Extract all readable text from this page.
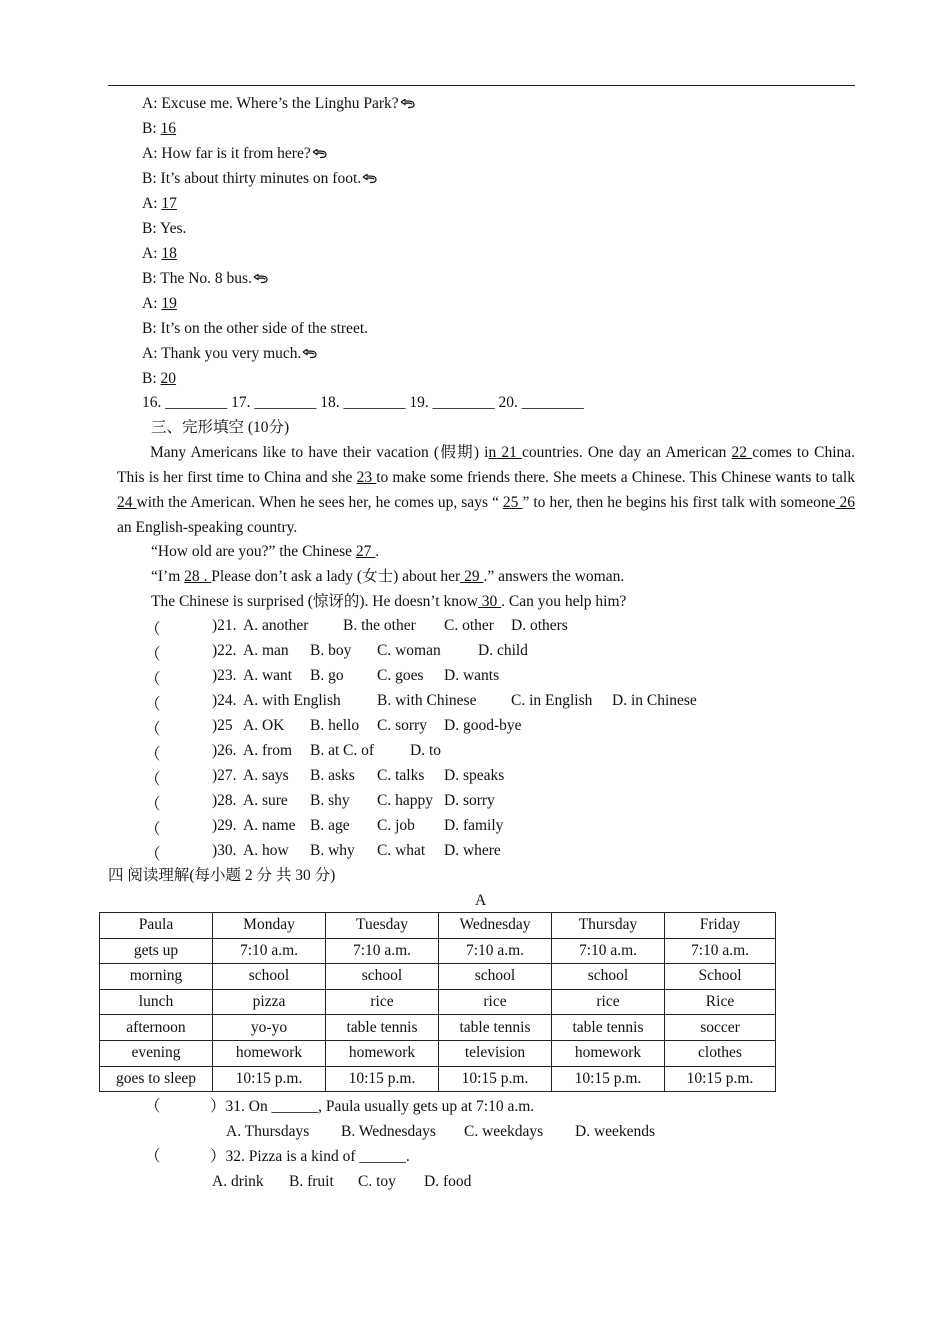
A: Excuse me. Where’s the Linghu Park?
B: 16
A: How far is it from here?
B: It’s about thirty minutes on foot.
A: 17
B: Yes.
A: 18
B: The No. 8 bus.
A: 19
B: It’s on the other side of the street.
A: Thank you very much.
B: 20
16. ________ 17. ________ 18. ________ 19. ________ 20. ________
三、完形填空 (10分)
Many Americans like to have their vacation (假期) in 21 countries. One day an American 22 comes to China. This is her first time to China and she 23 to make some friends there. She meets a Chinese. This Chinese wants to talk 24 with the American. When he sees her, he comes up, says “ 25 ” to her, then he begins his first talk with someone 26 an English-speaking country.
“How old are you?” the Chinese 27 .
“I’m 28 . Please don’t ask a lady (女士) about her 29 .” answers the woman.
The Chinese is surprised (惊讶的). He doesn’t know 30 . Can you help him?
（	)21. A. another B. the other C. other D. others
（	)22. A. man B. boy C. woman D. child
（	)23. A. want B. go C. goes D. wants
（	)24. A. with English B. with Chinese C. in English D. in Chinese
（	)25 A. OK B. hello C. sorry D. good-bye
（	)26. A. from B. at C. of D. to
（	)27. A. says B. asks C. talks D. speaks
（	)28. A. sure B. shy C. happy D. sorry
（	)29. A. name B. age C. job D. family
（	)30. A. how B. why C. what D. where
四 阅读理解(每小题 2 分 共 30 分)
A
Paula	Monday	Tuesday	Wednesday	Thursday	Friday
gets up	7:10 a.m.	7:10 a.m.	7:10 a.m.	7:10 a.m.	7:10 a.m.
morning	school	school	school	school	School
lunch	pizza	rice	rice	rice	Rice
afternoon	yo-yo	table tennis	table tennis	table tennis	soccer
evening	homework	homework	television	homework	clothes
goes to sleep	10:15 p.m.	10:15 p.m.	10:15 p.m.	10:15 p.m.	10:15 p.m.
（	）31. On ______, Paula usually gets up at 7:10 a.m.
A. Thursdays B. Wednesdays C. weekdays D. weekends
（	）32. Pizza is a kind of ______.
A. drink B. fruit C. toy D. food
